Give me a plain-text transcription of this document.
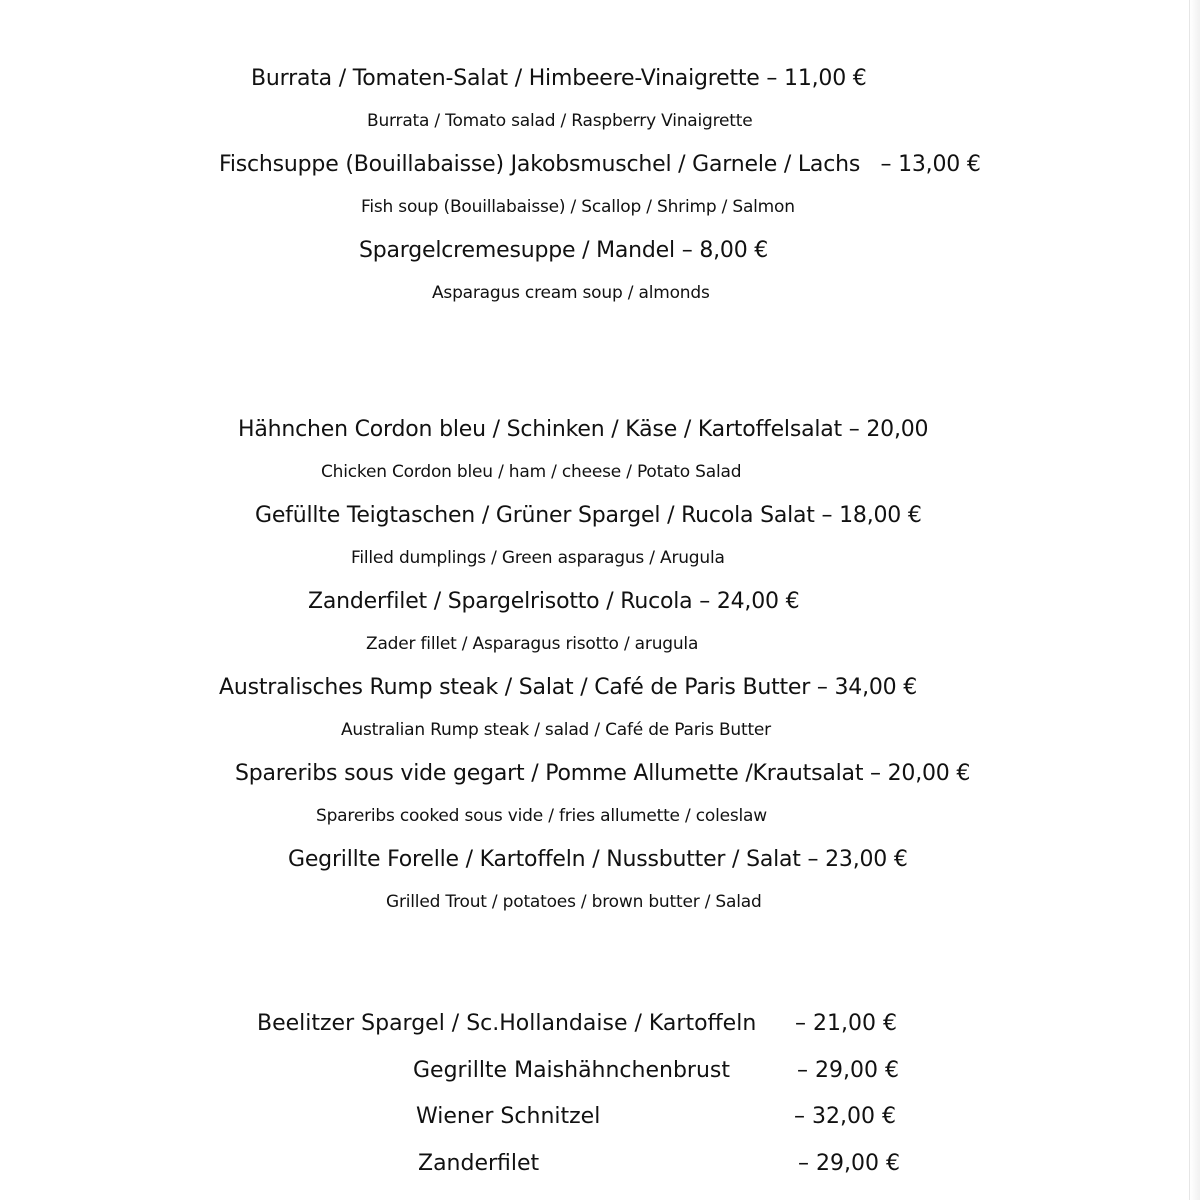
Burrata / Tomaten-Salat / Himbeere-Vinaigrette – 11,00 €
Burrata / Tomato salad / Raspberry Vinaigrette
Fischsuppe (Bouillabaisse) Jakobsmuschel / Garnele / Lachs   – 13,00 €
Fish soup (Bouillabaisse) / Scallop / Shrimp / Salmon
Spargelcremesuppe / Mandel – 8,00 €
Asparagus cream soup / almonds
Hähnchen Cordon bleu / Schinken / Käse / Kartoffelsalat – 20,00
Chicken Cordon bleu / ham / cheese / Potato Salad
Gefüllte Teigtaschen / Grüner Spargel / Rucola Salat – 18,00 €
Filled dumplings / Green asparagus / Arugula
Zanderfilet / Spargelrisotto / Rucola – 24,00 €
Zader fillet / Asparagus risotto / arugula
Australisches Rump steak / Salat / Café de Paris Butter – 34,00 €
Australian Rump steak / salad / Café de Paris Butter
Spareribs sous vide gegart / Pomme Allumette /Krautsalat – 20,00 €
Spareribs cooked sous vide / fries allumette / coleslaw
Gegrillte Forelle / Kartoffeln / Nussbutter / Salat – 23,00 €
Grilled Trout / potatoes / brown butter / Salad
Beelitzer Spargel / Sc.Hollandaise / Kartoffeln – 21,00 €
Gegrillte Maishähnchenbrust	– 29,00 €
Wiener Schnitzel	– 32,00 €
Zanderfilet	– 29,00 €
